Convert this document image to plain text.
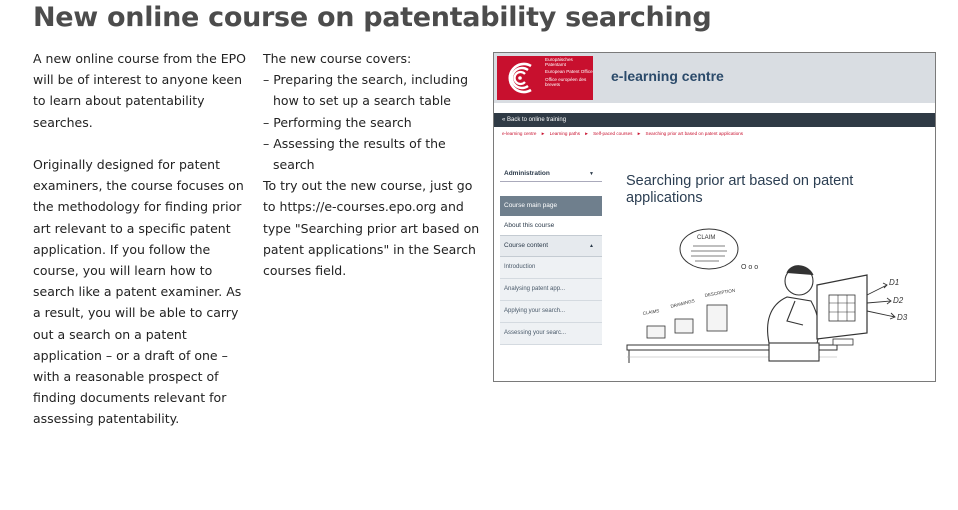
New online course on patentability searching

A new online course from the EPO will be of interest to anyone keen to learn about patentability searches.

Originally designed for patent examiners, the course focuses on the methodology for finding prior art relevant to a specific patent application. If you follow the course, you will learn how to search like a patent examiner. As a result, you will be able to carry out a search on a patent application – or a draft of one – with a reasonable prospect of finding documents relevant for assessing patentability.

The new course covers:

– Preparing the search, including how to set up a search table
– Performing the search
– Assessing the results of the search

To try out the new course, just go to https://e-courses.epo.org and type "Searching prior art based on patent applications" in the Search courses field.

Europäisches Patentamt
European Patent Office
Office européen des brevets
e-learning centre
« Back to online training
e-learning centre ► Learning paths ► Self-paced courses ► Searching prior art based on patent applications
Administration	▼
Course main page
About this course
Course content	▲
Introduction
Analysing patent app...
Applying your search...
Assessing your searc...
Searching prior art based on patent applications
CLAIM
O o o
CLAIMS
DRAWINGS
DESCRIPTION
D1
D2
D3
